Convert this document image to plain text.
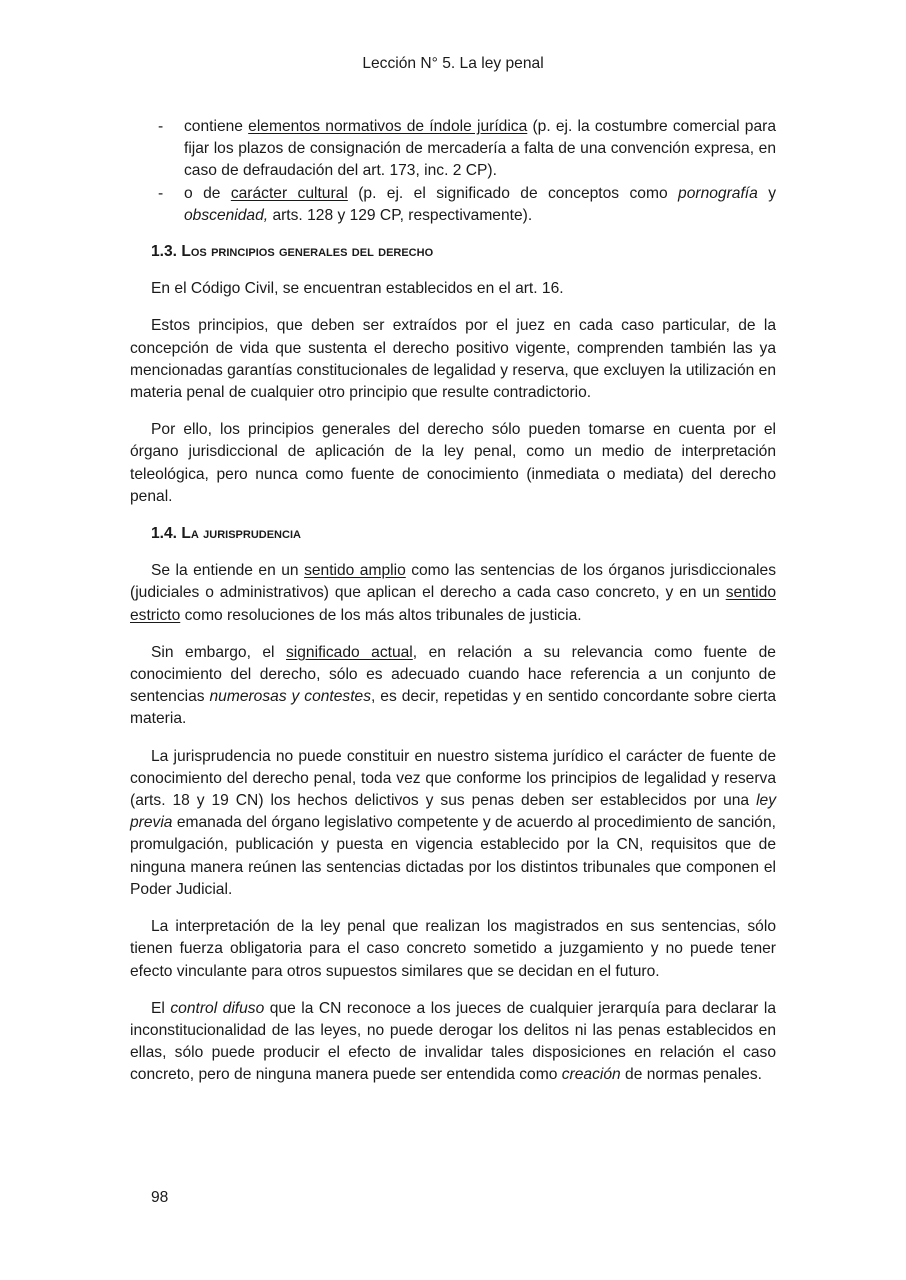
Lección N° 5. La ley penal
- contiene elementos normativos de índole jurídica (p. ej. la costumbre comercial para fijar los plazos de consignación de mercadería a falta de una convención expresa, en caso de defraudación del art. 173, inc. 2 CP).
- o de carácter cultural (p. ej. el significado de conceptos como pornografía y obscenidad, arts. 128 y 129 CP, respectivamente).
1.3. Los principios generales del derecho

En el Código Civil, se encuentran establecidos en el art. 16.

Estos principios, que deben ser extraídos por el juez en cada caso particular, de la concepción de vida que sustenta el derecho positivo vigente, comprenden también las ya mencionadas garantías constitucionales de legalidad y reserva, que excluyen la utilización en materia penal de cualquier otro principio que resulte contradictorio.

Por ello, los principios generales del derecho sólo pueden tomarse en cuenta por el órgano jurisdiccional de aplicación de la ley penal, como un medio de interpretación teleológica, pero nunca como fuente de conocimiento (inmediata o mediata) del derecho penal.

1.4. La jurisprudencia

Se la entiende en un sentido amplio como las sentencias de los órganos jurisdiccionales (judiciales o administrativos) que aplican el derecho a cada caso concreto, y en un sentido estricto como resoluciones de los más altos tribunales de justicia.

Sin embargo, el significado actual, en relación a su relevancia como fuente de conocimiento del derecho, sólo es adecuado cuando hace referencia a un conjunto de sentencias numerosas y contestes, es decir, repetidas y en sentido concordante sobre cierta materia.

La jurisprudencia no puede constituir en nuestro sistema jurídico el carácter de fuente de conocimiento del derecho penal, toda vez que conforme los principios de legalidad y reserva (arts. 18 y 19 CN) los hechos delictivos y sus penas deben ser establecidos por una ley previa emanada del órgano legislativo competente y de acuerdo al procedimiento de sanción, promulgación, publicación y puesta en vigencia establecido por la CN, requisitos que de ninguna manera reúnen las sentencias dictadas por los distintos tribunales que componen el Poder Judicial.

La interpretación de la ley penal que realizan los magistrados en sus sentencias, sólo tienen fuerza obligatoria para el caso concreto sometido a juzgamiento y no puede tener efecto vinculante para otros supuestos similares que se decidan en el futuro.

El control difuso que la CN reconoce a los jueces de cualquier jerarquía para declarar la inconstitucionalidad de las leyes, no puede derogar los delitos ni las penas establecidos en ellas, sólo puede producir el efecto de invalidar tales disposiciones en relación el caso concreto, pero de ninguna manera puede ser entendida como creación de normas penales.

98
